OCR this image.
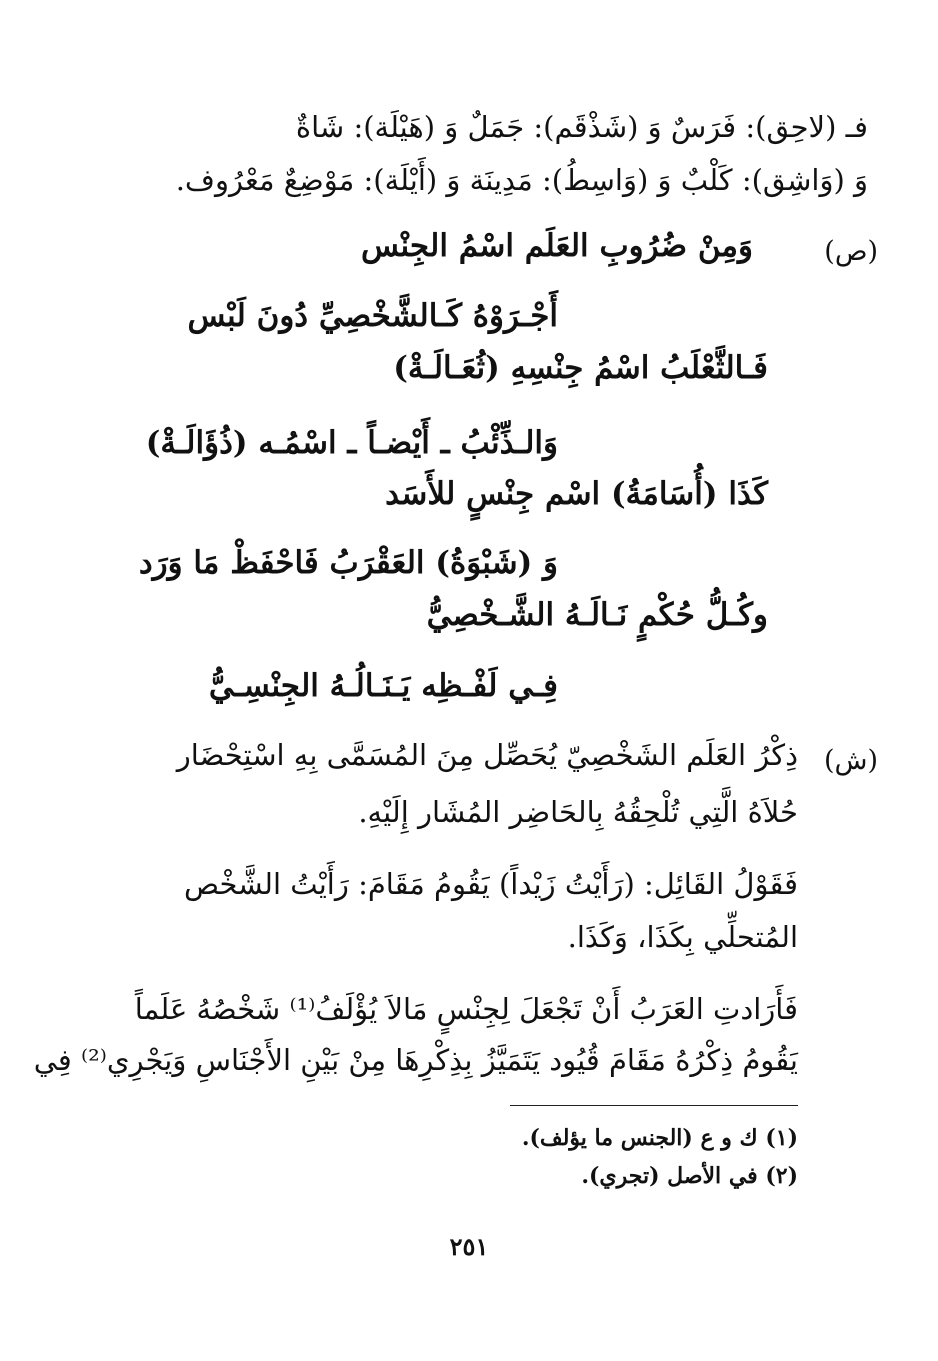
فـ (لاحِق): فَرَسٌ وَ (شَذْقَم): جَمَلٌ وَ (هَيْلَة): شَاةٌ
وَ (وَاشِق): كَلْبٌ وَ (وَاسِطُ): مَدِينَة وَ (أَيْلَة): مَوْضِعٌ مَعْرُوف.
(ص)
وَمِنْ ضُرُوبِ العَلَم اسْمُ الجِنْس
أَجْـرَوْهُ كَـالشَّخْصِيِّ دُونَ لَبْس
فَـالثَّعْلَبُ اسْمُ جِنْسِهِ (ثُعَـالَـةْ)
وَالـذِّئْبُ ـ أَيْضـاً ـ اسْمُـه (ذُؤَالَـةْ)
كَذَا (أُسَامَةُ) اسْم جِنْسٍ للأَسَد
وَ (شَبْوَةُ) العَقْرَبُ فَاحْفَظْ مَا وَرَد
وكُـلُّ حُكْمٍ نَـالَـهُ الشَّـخْصِيُّ
فِـي لَفْـظِه يَـنَـالُـهُ الجِنْسِـيُّ
(ش)
ذِكْرُ العَلَم الشَخْصِيّ يُحَصِّل مِنَ المُسَمَّى بِهِ اسْتِحْضَار
حُلاَهُ الَّتِي تُلْحِقُهُ بِالحَاضِر المُشَار إِلَيْهِ.
فَقَوْلُ القَائِل: (رَأَيْتُ زَيْداً) يَقُومُ مَقَامَ: رَأَيْتُ الشَّخْص
المُتحلِّي بِكَذَا، وَكَذَا.
فَأَرَادتِ العَرَبُ أَنْ تَجْعَلَ لِجِنْسٍ مَالاَ يُؤْلَفُ⁽¹⁾ شَخْصُهُ عَلَماً
يَقُومُ ذِكْرُهُ مَقَامَ قُيُود يَتَمَيَّزُ بِذِكْرِهَا مِنْ بَيْنِ الأَجْنَاسِ وَيَجْرِي⁽²⁾ فِي
(١) ك و ع (الجنس ما يؤلف).
(٢) في الأصل (تجري).
٢٥١
